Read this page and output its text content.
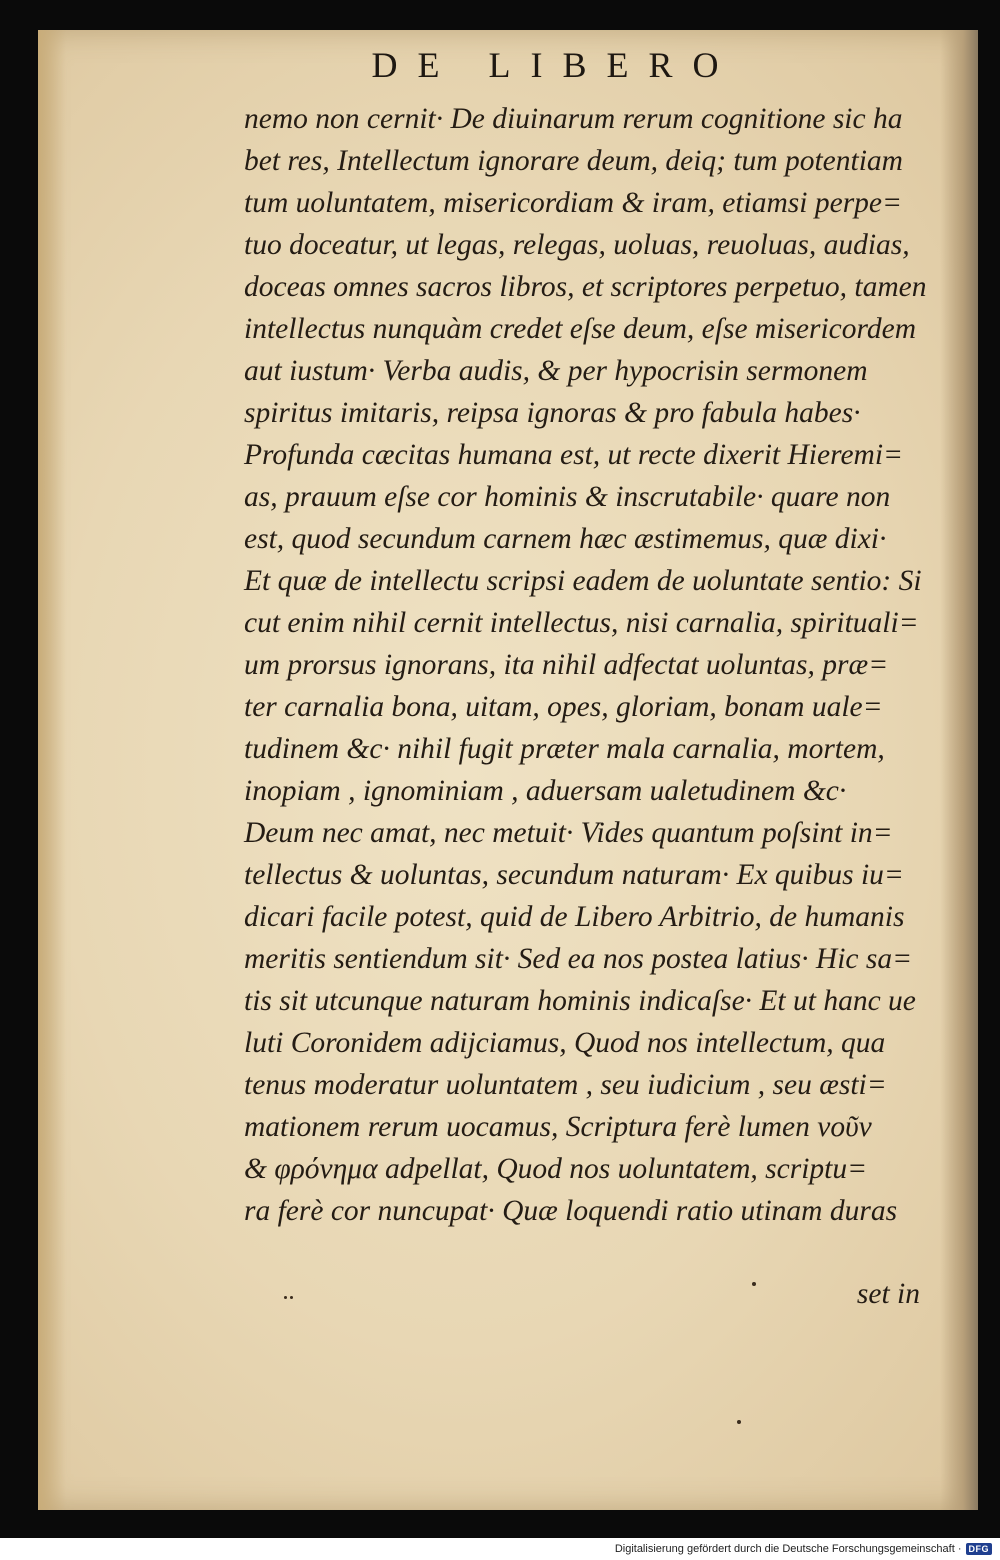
DE LIBERO
nemo non cernit· De diuinarum rerum cognitione sic ha
bet res, Intellectum ignorare deum, deiq; tum potentiam
tum uoluntatem, misericordiam & iram, etiamsi perpe=
tuo doceatur, ut legas, relegas, uoluas, reuoluas, audias,
doceas omnes sacros libros, et scriptores perpetuo, tamen
intellectus nunquàm credet eſse deum, eſse misericordem
aut iustum· Verba audis, & per hypocrisin sermonem
spiritus imitaris, reipsa ignoras & pro fabula habes·
Profunda cæcitas humana est, ut recte dixerit Hieremi=
as, prauum eſse cor hominis & inscrutabile· quare non
est, quod secundum carnem hæc æstimemus, quæ dixi·
Et quæ de intellectu scripsi eadem de uoluntate sentio: Si
cut enim nihil cernit intellectus, nisi carnalia, spirituali=
um prorsus ignorans, ita nihil adfectat uoluntas, præ=
ter carnalia bona, uitam, opes, gloriam, bonam uale=
tudinem &c· nihil fugit præter mala carnalia, mortem,
inopiam , ignominiam , aduersam ualetudinem &c·
Deum nec amat, nec metuit· Vides quantum poſsint in=
tellectus & uoluntas, secundum naturam· Ex quibus iu=
dicari facile potest, quid de Libero Arbitrio, de humanis
meritis sentiendum sit· Sed ea nos postea latius· Hic sa=
tis sit utcunque naturam hominis indicaſse· Et ut hanc ue
luti Coronidem adijciamus, Quod nos intellectum, qua
tenus moderatur uoluntatem , seu iudicium , seu æsti=
mationem rerum uocamus, Scriptura ferè lumen νοῦν
& φρόνημα adpellat, Quod nos uoluntatem, scriptu=
ra ferè cor nuncupat· Quæ loquendi ratio utinam duras
set in
Digitalisierung gefördert durch die Deutsche Forschungsgemeinschaft · DFG
